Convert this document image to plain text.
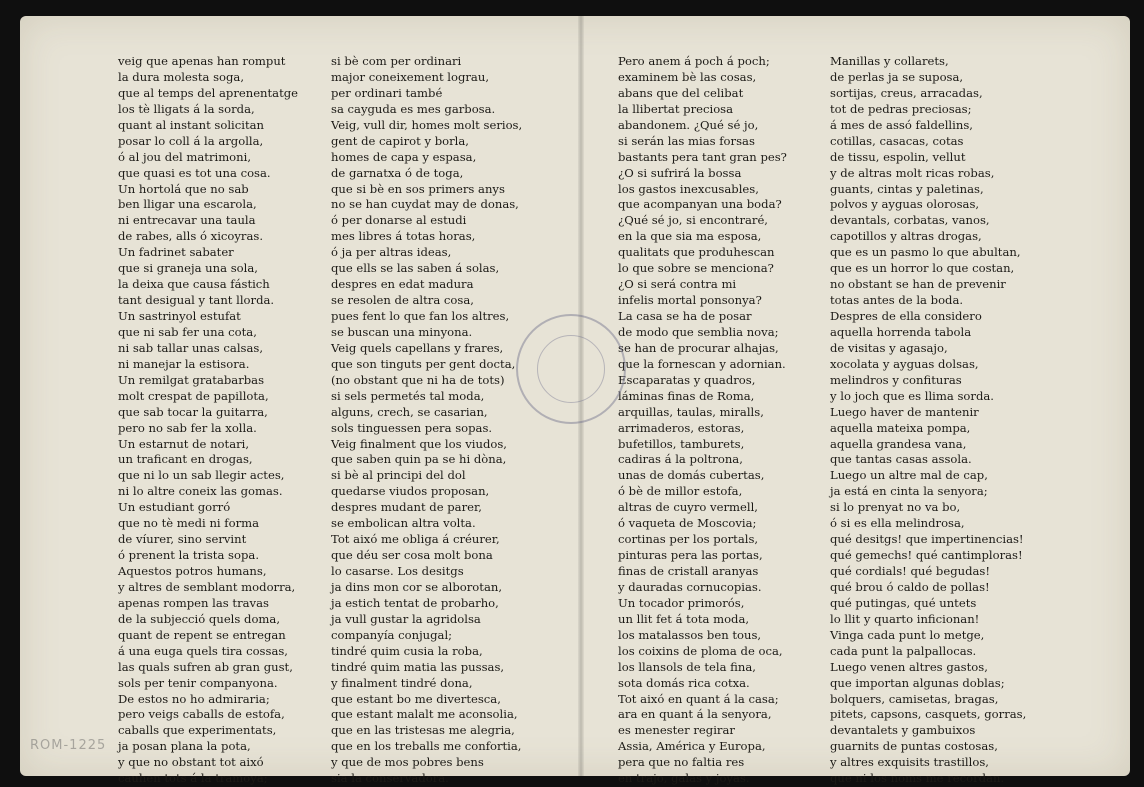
veig que apenas han romput
la dura molesta soga,
que al temps del aprenentatge
los tè lligats á la sorda,
quant al instant solicitan
posar lo coll á la argolla,
ó al jou del matrimoni,
que quasi es tot una cosa.
Un hortolá que no sab
ben lligar una escarola,
ni entrecavar una taula
de rabes, alls ó xicoyras.
Un fadrinet sabater
que si graneja una sola,
la deixa que causa fástich
tant desigual y tant llorda.
Un sastrinyol estufat
que ni sab fer una cota,
ni sab tallar unas calsas,
ni manejar la estisora.
Un remilgat gratabarbas
molt crespat de papillota,
que sab tocar la guitarra,
pero no sab fer la xolla.
Un estarnut de notari,
un traficant en drogas,
que ni lo un sab llegir actes,
ni lo altre coneix las gomas.
Un estudiant gorró
que no tè medi ni forma
de víurer, sino servint
ó prenent la trista sopa.
Aquestos potros humans,
y altres de semblant modorra,
apenas rompen las travas
de la subjecció quels doma,
quant de repent se entregan
á una euga quels tira cossas,
las quals sufren ab gran gust,
sols per tenir companyona.
De estos no ho admiraria;
pero veigs caballs de estofa,
caballs que experimentats,
ja posan plana la pota,
y que no obstant tot aixó
cauhen tots á la tramoya;
si bè com per ordinari
major coneixement lograu,
per ordinari també
sa cayguda es mes garbosa.
Veig, vull dir, homes molt serios,
gent de capirot y borla,
homes de capa y espasa,
de garnatxa ó de toga,
que si bè en sos primers anys
no se han cuydat may de donas,
ó per donarse al estudi
mes libres á totas horas,
ó ja per altras ideas,
que ells se las saben á solas,
despres en edat madura
se resolen de altra cosa,
pues fent lo que fan los altres,
se buscan una minyona.
Veig quels capellans y frares,
que son tinguts per gent docta,
(no obstant que ni ha de tots)
si sels permetés tal moda,
alguns, crech, se casarian,
sols tinguessen pera sopas.
Veig finalment que los viudos,
que saben quin pa se hi dòna,
si bè al principi del dol
quedarse viudos proposan,
despres mudant de parer,
se embolican altra volta.
Tot aixó me obliga á créurer,
que déu ser cosa molt bona
lo casarse. Los desitgs
ja dins mon cor se alborotan,
ja estich tentat de probarho,
ja vull gustar la agridolsa
companyía conjugal;
tindré quim cusia la roba,
tindré quim matia las pussas,
y finalment tindré dona,
que estant bo me divertesca,
que estant malalt me aconsolia,
que en las tristesas me alegria,
que en los treballs me confortia,
y que de mos pobres bens
sia la conservadora.
Pero anem á poch á poch;
examinem bè las cosas,
abans que del celibat
la llibertat preciosa
abandonem. ¿Qué sé jo,
si serán las mias forsas
bastants pera tant gran pes?
¿O si sufrirá la bossa
los gastos inexcusables,
que acompanyan una boda?
¿Qué sé jo, si encontraré,
en la que sia ma esposa,
qualitats que produhescan
lo que sobre se menciona?
¿O si será contra mi
infelis mortal ponsonya?
La casa se ha de posar
de modo que semblia nova;
se han de procurar alhajas,
que la fornescan y adornian.
Escaparatas y quadros,
láminas finas de Roma,
arquillas, taulas, miralls,
arrimaderos, estoras,
bufetillos, tamburets,
cadiras á la poltrona,
unas de domás cubertas,
ó bè de millor estofa,
altras de cuyro vermell,
ó vaqueta de Moscovia;
cortinas per los portals,
pinturas pera las portas,
finas de cristall aranyas
y dauradas cornucopias.
Un tocador primorós,
un llit fet á tota moda,
los matalassos ben tous,
los coixins de ploma de oca,
los llansols de tela fina,
sota domás rica cotxa.
Tot aixó en quant á la casa;
ara en quant á la senyora,
es menester regirar
Assia, América y Europa,
pera que no faltia res
en trajo, galas y joyas.
Manillas y collarets,
de perlas ja se suposa,
sortijas, creus, arracadas,
tot de pedras preciosas;
á mes de assó faldellins,
cotillas, casacas, cotas
de tissu, espolin, vellut
y de altras molt ricas robas,
guants, cintas y paletinas,
polvos y ayguas olorosas,
devantals, corbatas, vanos,
capotillos y altras drogas,
que es un pasmo lo que abultan,
que es un horror lo que costan,
no obstant se han de prevenir
totas antes de la boda.
Despres de ella considero
aquella horrenda tabola
de visitas y agasajo,
xocolata y ayguas dolsas,
melindros y confituras
y lo joch que es llima sorda.
Luego haver de mantenir
aquella mateixa pompa,
aquella grandesa vana,
que tantas casas assola.
Luego un altre mal de cap,
ja está en cinta la senyora;
si lo prenyat no va bo,
ó si es ella melindrosa,
qué desitgs! que impertinencias!
qué gemechs! qué cantimploras!
qué cordials! qué begudas!
qué brou ó caldo de pollas!
qué putingas, qué untets
lo llit y quarto inficionan!
Vinga cada punt lo metge,
cada punt la palpallocas.
Luego venen altres gastos,
que importan algunas doblas;
bolquers, camisetas, bragas,
pitets, capsons, casquets, gorras,
devantalets y gambuixos
guarnits de puntas costosas,
y altres exquisits trastillos,
que ni los noms me recordan.
ROM-1225
